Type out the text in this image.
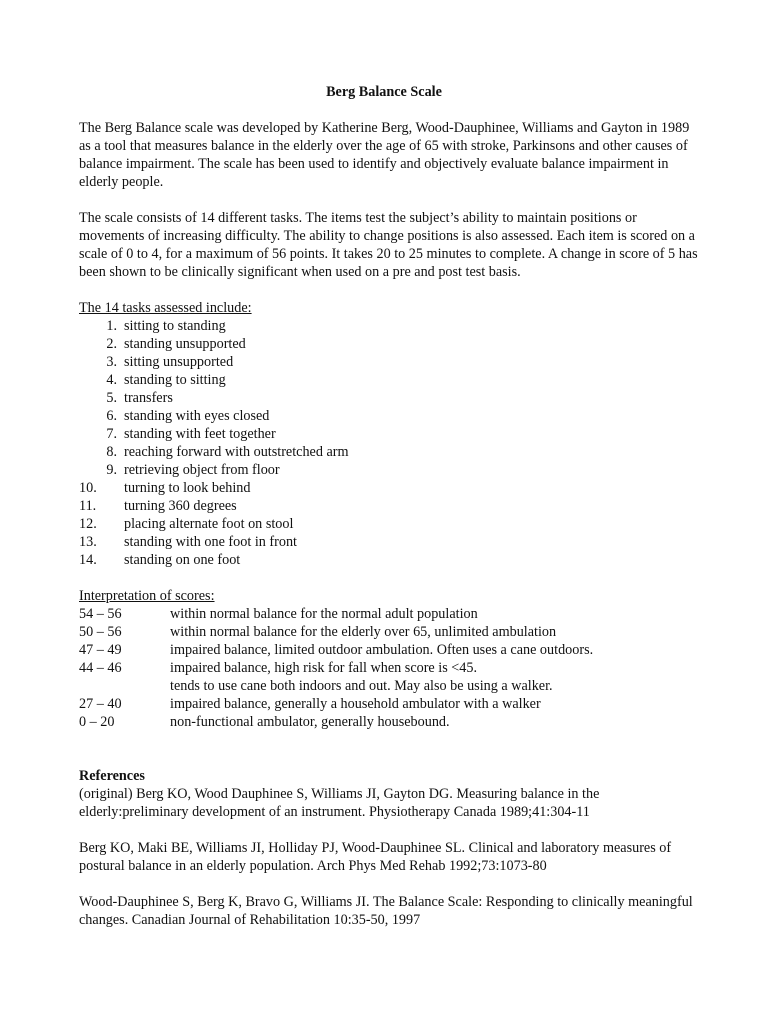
Berg Balance Scale

The Berg Balance scale was developed by Katherine Berg, Wood-Dauphinee, Williams and Gayton in 1989 as a tool that measures balance in the elderly over the age of 65 with stroke, Parkinsons and other causes of balance impairment. The scale has been used to identify and objectively evaluate balance impairment in elderly people.

The scale consists of 14 different tasks. The items test the subject’s ability to maintain positions or movements of increasing difficulty. The ability to change positions is also assessed. Each item is scored on a scale of 0 to 4, for a maximum of 56 points. It takes 20 to 25 minutes to complete. A change in score of 5 has been shown to be clinically significant when used on a pre and post test basis.

The 14 tasks assessed include:

1. sitting to standing
2. standing unsupported
3. sitting unsupported
4. standing to sitting
5. transfers
6. standing with eyes closed
7. standing with feet together
8. reaching forward with outstretched arm
9. retrieving object from floor
10.	turning to look behind
11.	turning 360 degrees
12.	placing alternate foot on stool
13.	standing with one foot in front
14.	standing on one foot

Interpretation of scores:

54 – 56	within normal balance for the normal adult population
50 – 56	within normal balance for the elderly over 65, unlimited ambulation
47 – 49	impaired balance, limited outdoor ambulation. Often uses a cane outdoors.
44 – 46	impaired balance, high risk for fall when score is <45.
tends to use cane both indoors and out. May also be using a walker.
27 – 40	impaired balance, generally a household ambulator with a walker
0 – 20	non-functional ambulator, generally housebound.

References

(original) Berg KO, Wood Dauphinee S, Williams JI, Gayton DG. Measuring balance in the elderly:preliminary development of an instrument. Physiotherapy Canada 1989;41:304-11

Berg KO, Maki BE, Williams JI, Holliday PJ, Wood-Dauphinee SL. Clinical and laboratory measures of postural balance in an elderly population. Arch Phys Med Rehab 1992;73:1073-80

Wood-Dauphinee S, Berg K, Bravo G, Williams JI. The Balance Scale: Responding to clinically meaningful changes. Canadian Journal of Rehabilitation 10:35-50, 1997
